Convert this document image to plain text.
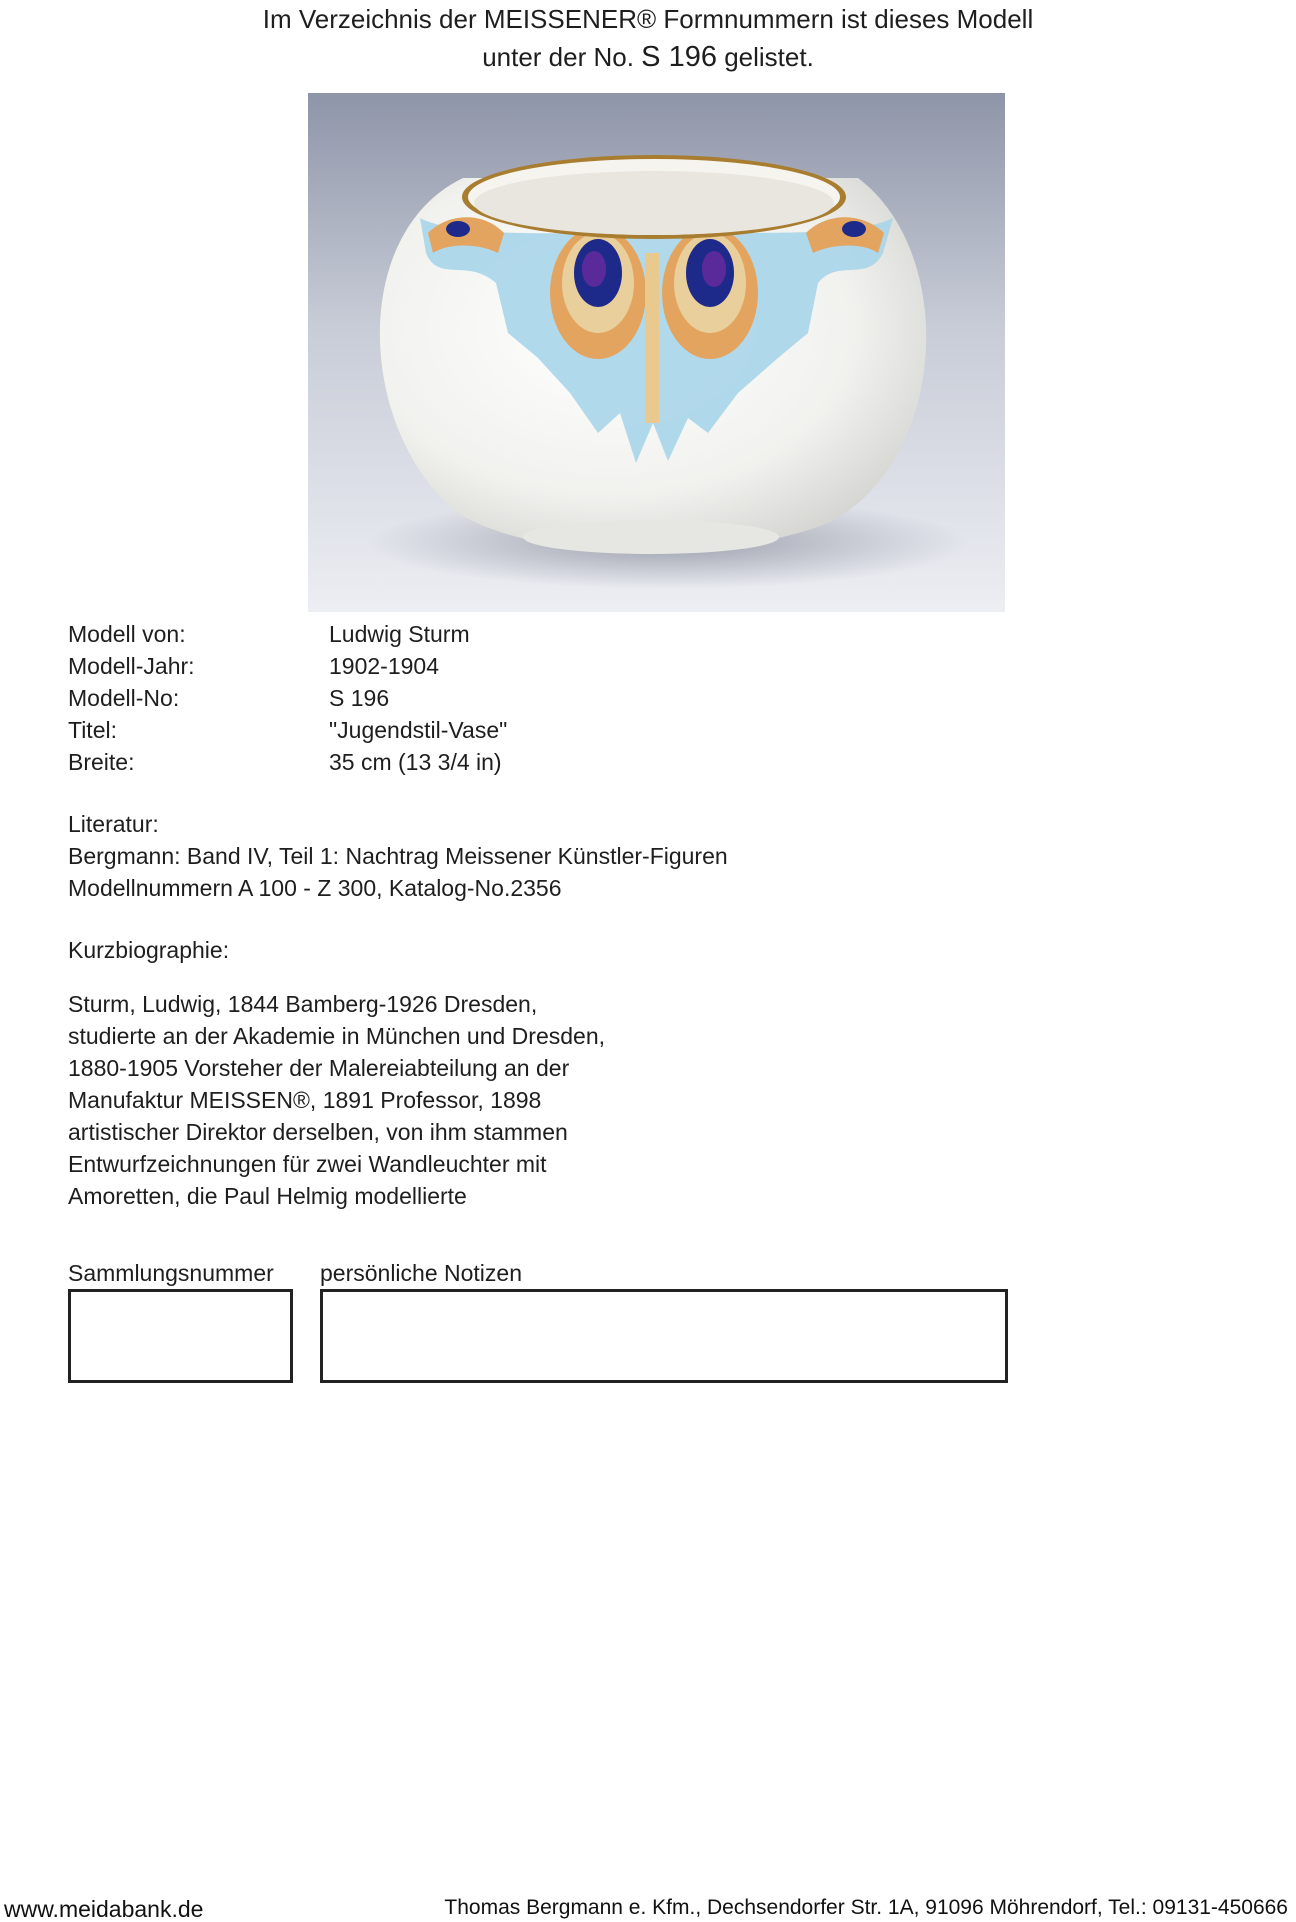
Im Verzeichnis der MEISSENER® Formnummern ist dieses Modell
unter der No. S 196 gelistet.
Modell von:	Ludwig Sturm
Modell-Jahr:	1902-1904
Modell-No:	S 196
Titel:	"Jugendstil-Vase"
Breite:	35 cm (13 3/4 in)
Literatur:
Bergmann: Band IV, Teil 1: Nachtrag Meissener Künstler-Figuren
Modellnummern A 100 - Z 300, Katalog-No.2356
Kurzbiographie:
Sturm, Ludwig, 1844 Bamberg-1926 Dresden,
studierte an der Akademie in München und Dresden,
1880-1905 Vorsteher der Malereiabteilung an der
Manufaktur MEISSEN®, 1891 Professor, 1898
artistischer Direktor derselben, von ihm stammen
Entwurfzeichnungen für zwei Wandleuchter mit
Amoretten, die Paul Helmig modellierte
Sammlungsnummer persönliche Notizen
www.meidabank.de	Thomas Bergmann e. Kfm., Dechsendorfer Str. 1A, 91096 Möhrendorf, Tel.: 09131-450666
